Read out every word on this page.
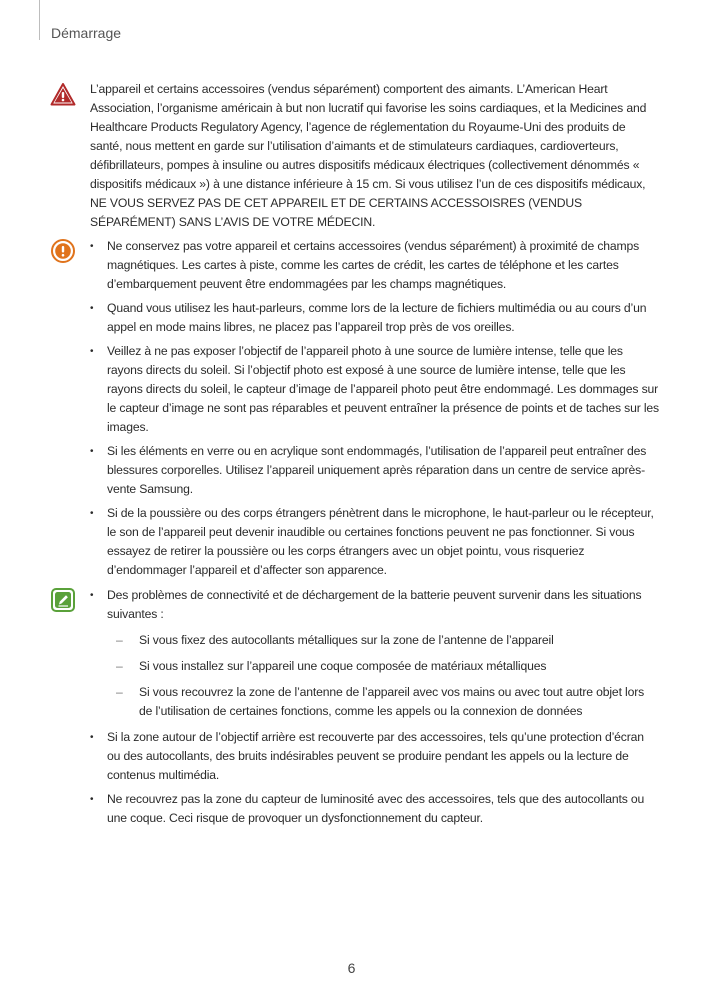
Démarrage

L’appareil et certains accessoires (vendus séparément) comportent des aimants. L’American Heart Association, l’organisme américain à but non lucratif qui favorise les soins cardiaques, et la Medicines and Healthcare Products Regulatory Agency, l’agence de réglementation du Royaume-Uni des produits de santé, nous mettent en garde sur l’utilisation d’aimants et de stimulateurs cardiaques, cardioverteurs, défibrillateurs, pompes à insuline ou autres dispositifs médicaux électriques (collectivement dénommés « dispositifs médicaux ») à une distance inférieure à 15 cm. Si vous utilisez l’un de ces dispositifs médicaux, NE VOUS SERVEZ PAS DE CET APPAREIL ET DE CERTAINS ACCESSOISRES (VENDUS SÉPARÉMENT) SANS L’AVIS DE VOTRE MÉDECIN.

• Ne conservez pas votre appareil et certains accessoires (vendus séparément) à proximité de champs magnétiques. Les cartes à piste, comme les cartes de crédit, les cartes de téléphone et les cartes d’embarquement peuvent être endommagées par les champs magnétiques.
• Quand vous utilisez les haut-parleurs, comme lors de la lecture de fichiers multimédia ou au cours d’un appel en mode mains libres, ne placez pas l’appareil trop près de vos oreilles.
• Veillez à ne pas exposer l’objectif de l’appareil photo à une source de lumière intense, telle que les rayons directs du soleil. Si l’objectif photo est exposé à une source de lumière intense, telle que les rayons directs du soleil, le capteur d’image de l’appareil photo peut être endommagé. Les dommages sur le capteur d’image ne sont pas réparables et peuvent entraîner la présence de points et de taches sur les images.
• Si les éléments en verre ou en acrylique sont endommagés, l’utilisation de l’appareil peut entraîner des blessures corporelles. Utilisez l’appareil uniquement après réparation dans un centre de service après-vente Samsung.
• Si de la poussière ou des corps étrangers pénètrent dans le microphone, le haut-parleur ou le récepteur, le son de l’appareil peut devenir inaudible ou certaines fonctions peuvent ne pas fonctionner. Si vous essayez de retirer la poussière ou les corps étrangers avec un objet pointu, vous risqueriez d’endommager l’appareil et d’affecter son apparence.
• Des problèmes de connectivité et de déchargement de la batterie peuvent survenir dans les situations suivantes :
– Si vous fixez des autocollants métalliques sur la zone de l’antenne de l’appareil
– Si vous installez sur l’appareil une coque composée de matériaux métalliques
– Si vous recouvrez la zone de l’antenne de l’appareil avec vos mains ou avec tout autre objet lors de l’utilisation de certaines fonctions, comme les appels ou la connexion de données
• Si la zone autour de l’objectif arrière est recouverte par des accessoires, tels qu’une protection d’écran ou des autocollants, des bruits indésirables peuvent se produire pendant les appels ou la lecture de contenus multimédia.
• Ne recouvrez pas la zone du capteur de luminosité avec des accessoires, tels que des autocollants ou une coque. Ceci risque de provoquer un dysfonctionnement du capteur.
6
